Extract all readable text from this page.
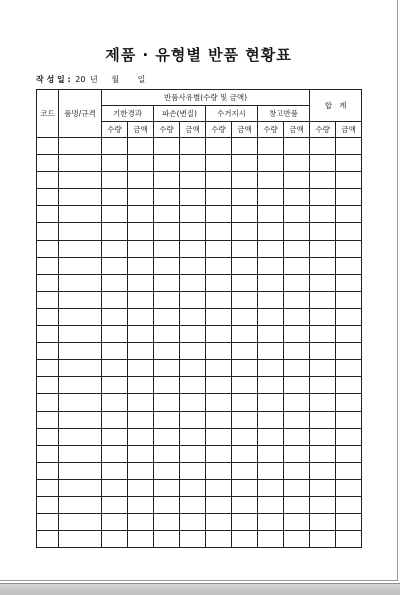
제품 · 유형별 반품 현황표
작 성 일 : 20 년 월 일
코드	품명/규격	반품사유별(수량 및 금액)								합   계	
		기한경과		파손(변질)		수거지시		창고반품			
		수량	금액	수량	금액	수량	금액	수량	금액	수량	금액
